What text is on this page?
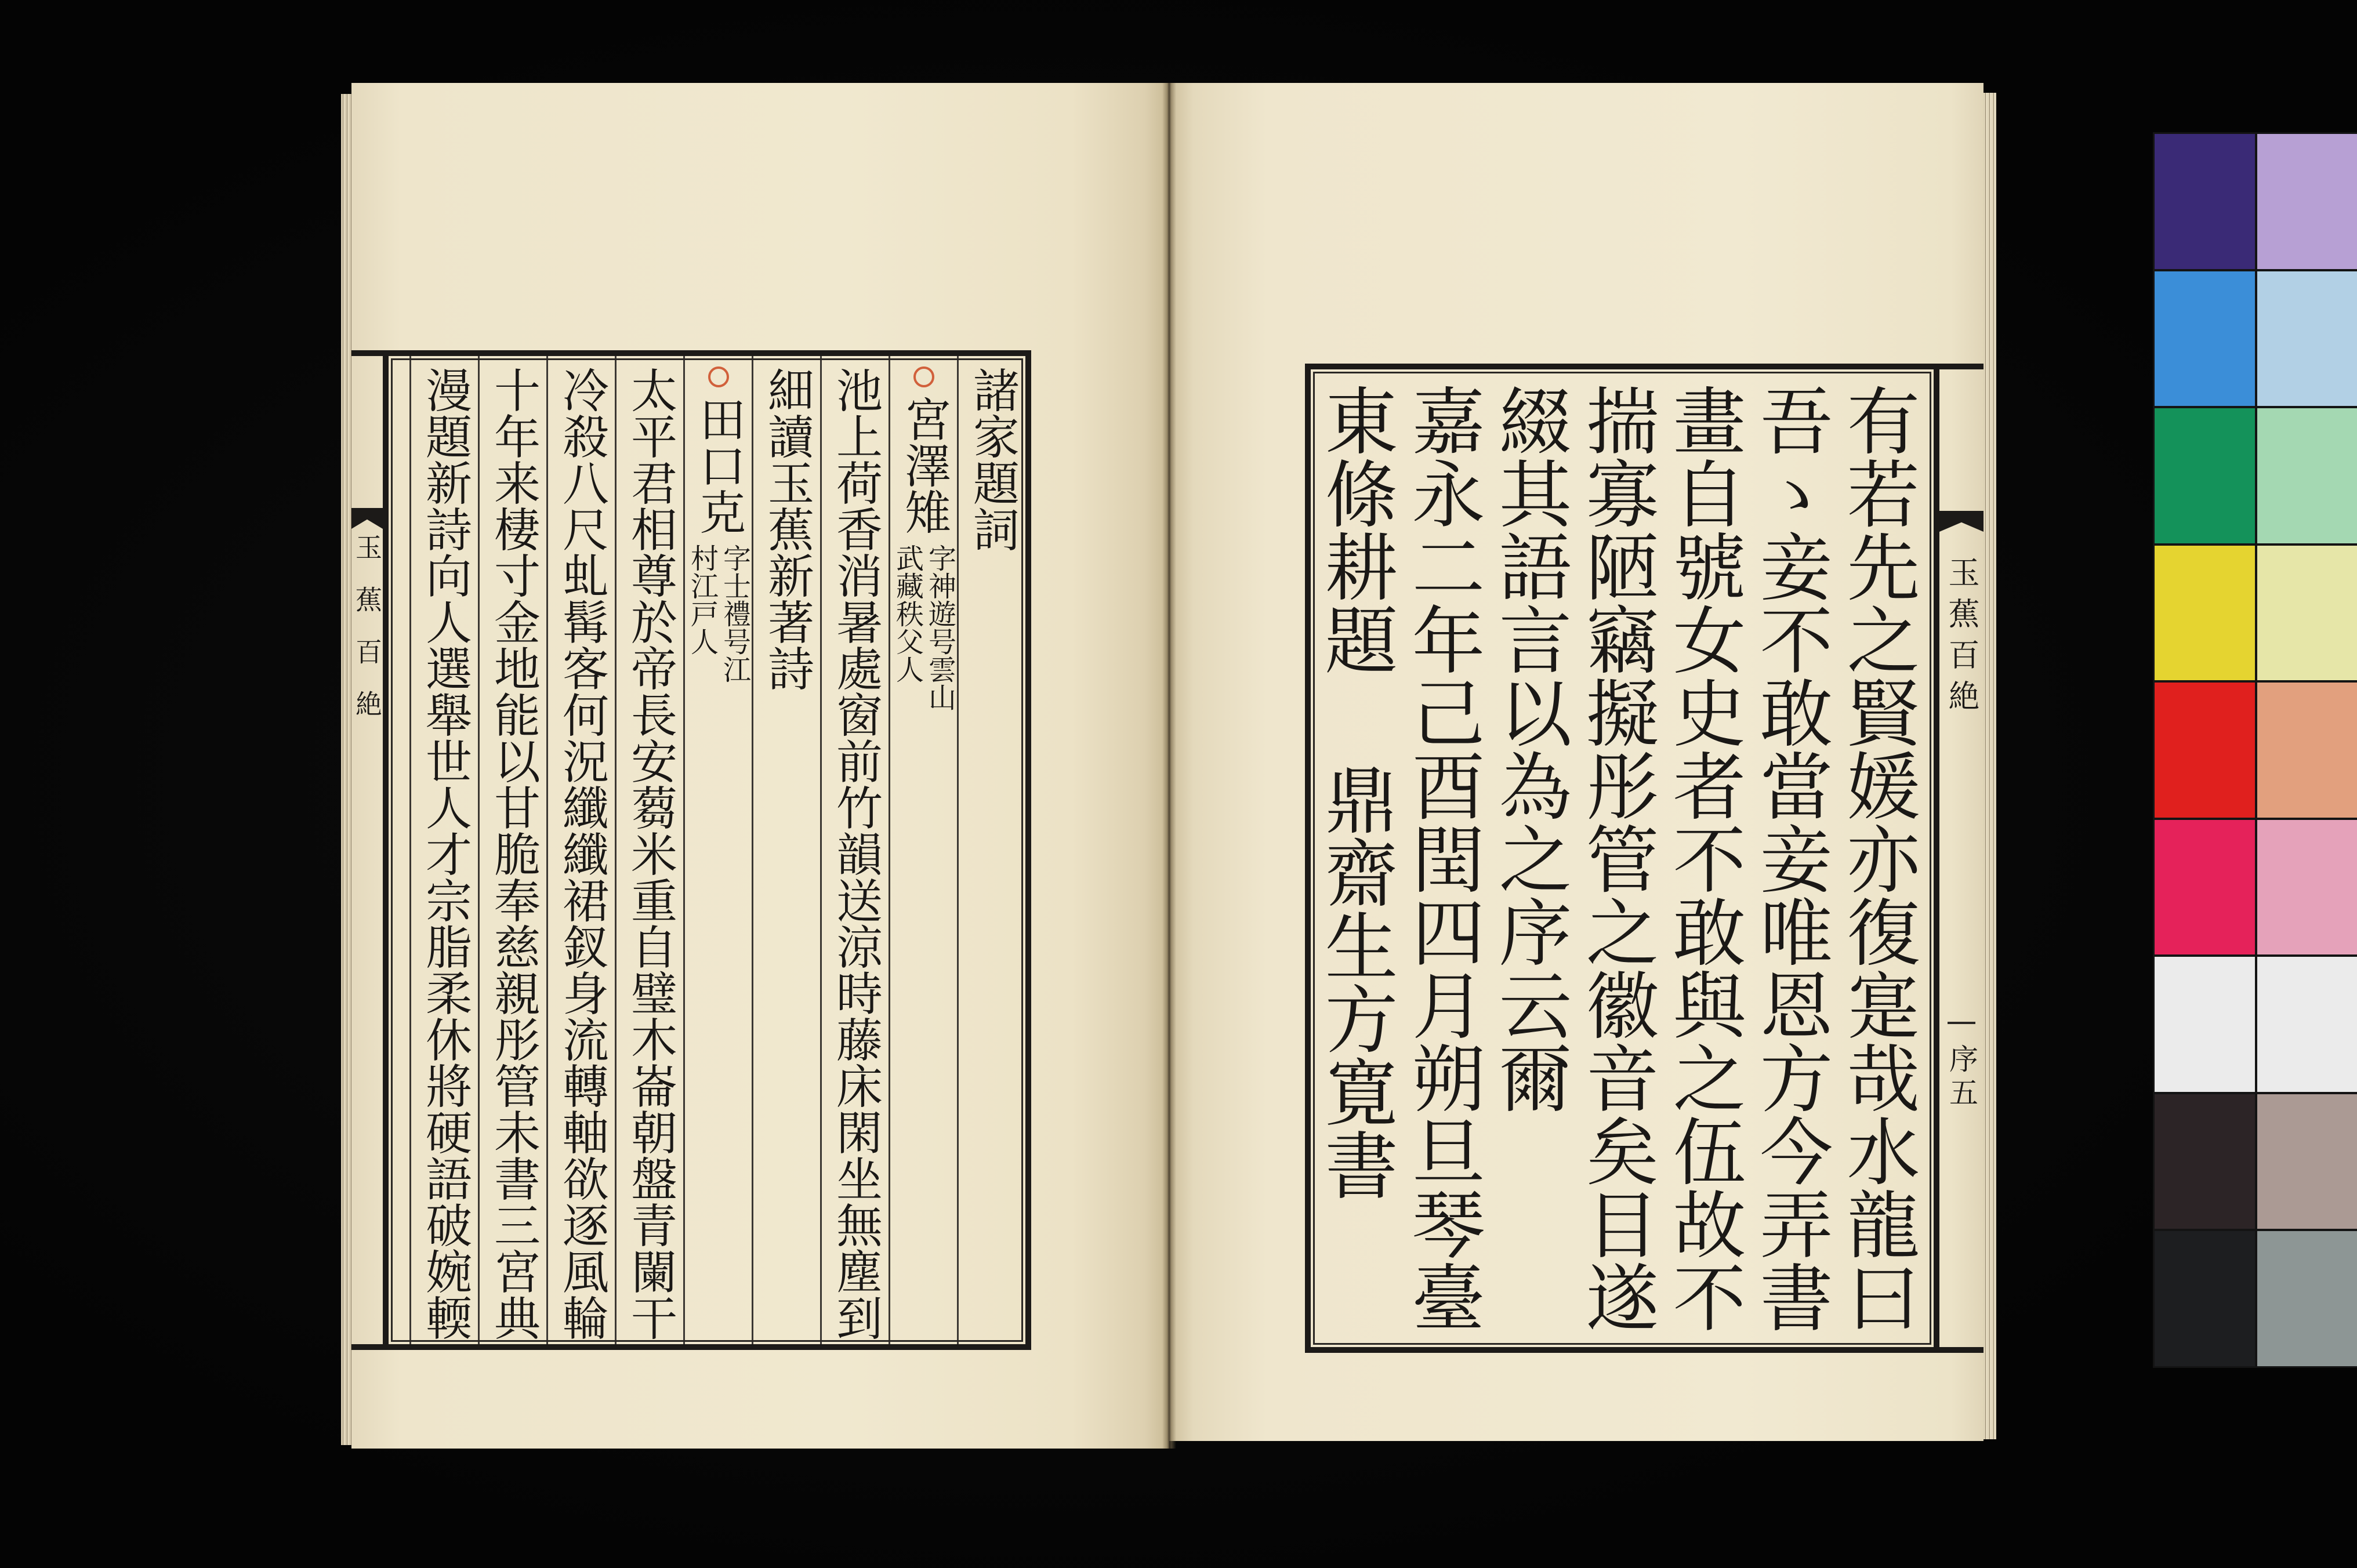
玉蕉百絶
諸家題詞
宮澤雉
字神遊号雲山
武藏秩父人
池上荷香消暑處窗前竹韻送涼時藤床閑坐無塵到
細讀玉蕉新著詩
田口克
字士禮号江
村江戸人
太平君相尊於帝長安蒭米重自璧木崙朝盤青闌干
冷殺八尺虬髯客何況纖纖裙釵身流轉軸欲逐風輪
十年来棲寸金地能以甘脆奉慈親彤管未書三宮典
漫題新詩向人選舉世人才宗脂柔休將硬語破婉輭	有若先之賢媛亦復寔哉水龍曰
吾ゝ妾不敢當妾唯恩方今弄書
畫自號女史者不敢與之伍故不
揣寡陋竊擬彤管之徽音矣目遂
綴其語言以為之序云爾
嘉永二年己酉閏四月朔旦琴臺
東條耕題
鼎齋生方寛書
玉蕉百絶
序五
